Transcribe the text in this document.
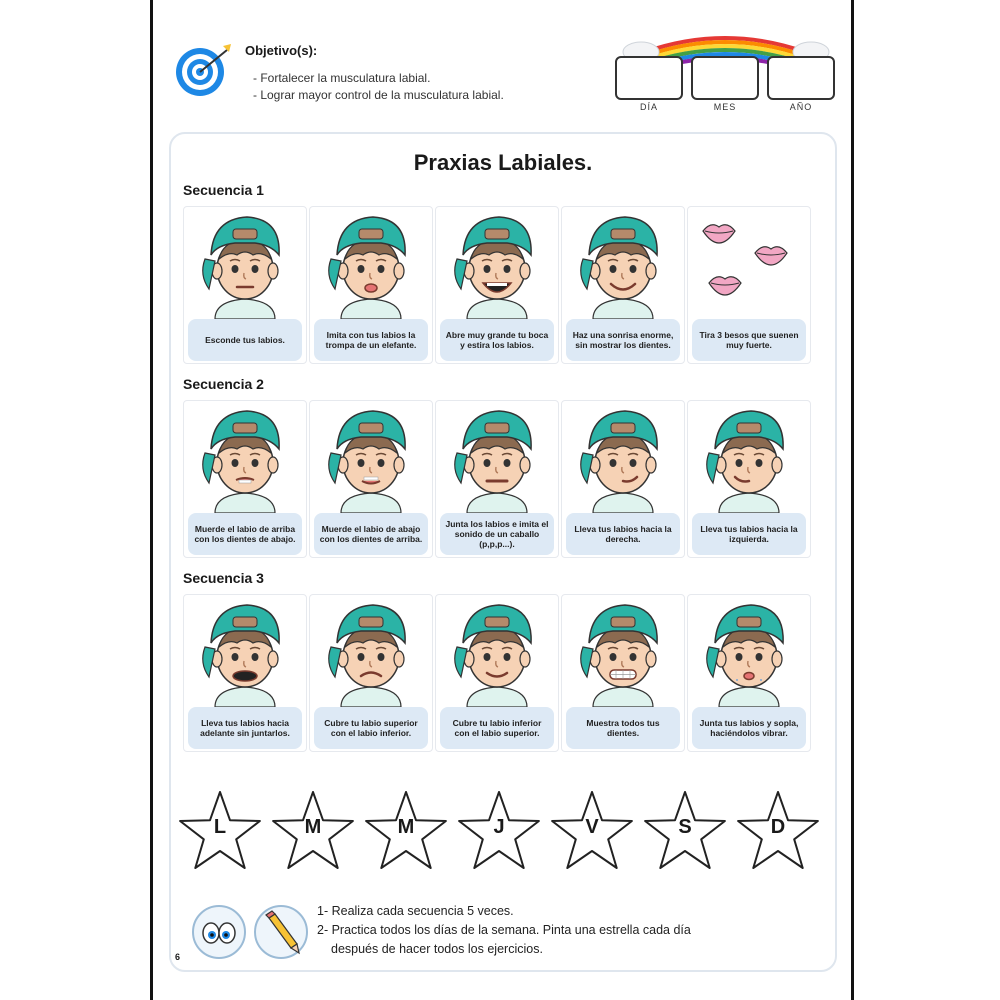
Objetivo(s):
- Fortalecer la musculatura labial.
- Lograr mayor control de la musculatura labial.
DÍA	MES	AÑO
Praxias Labiales.
Secuencia 1
Secuencia 2
Secuencia 3
Esconde tus labios.	Imita con tus labios la trompa de un elefante.
Abre muy grande tu boca y estira los labios.
Haz una sonrisa enorme, sin mostrar los dientes.
Tira 3 besos que suenen muy fuerte.
Muerde el labio de arriba con los dientes de abajo.
Muerde el labio de abajo con los dientes de arriba.
Junta los labios e imita el sonido de un caballo (p,p,p...).
Lleva tus labios hacia la derecha.
Lleva tus labios hacia la izquierda.
Lleva tus labios hacia adelante sin juntarlos.
Cubre tu labio superior con el labio inferior.
Cubre tu labio inferior con el labio superior.
Muestra todos tus dientes.
Junta tus labios y sopla, haciéndolos vibrar.
L	M	M	J	V	S	D
1- Realiza cada secuencia 5 veces.
2- Practica todos los días de la semana. Pinta una estrella cada día
después de hacer todos los ejercicios.
6
